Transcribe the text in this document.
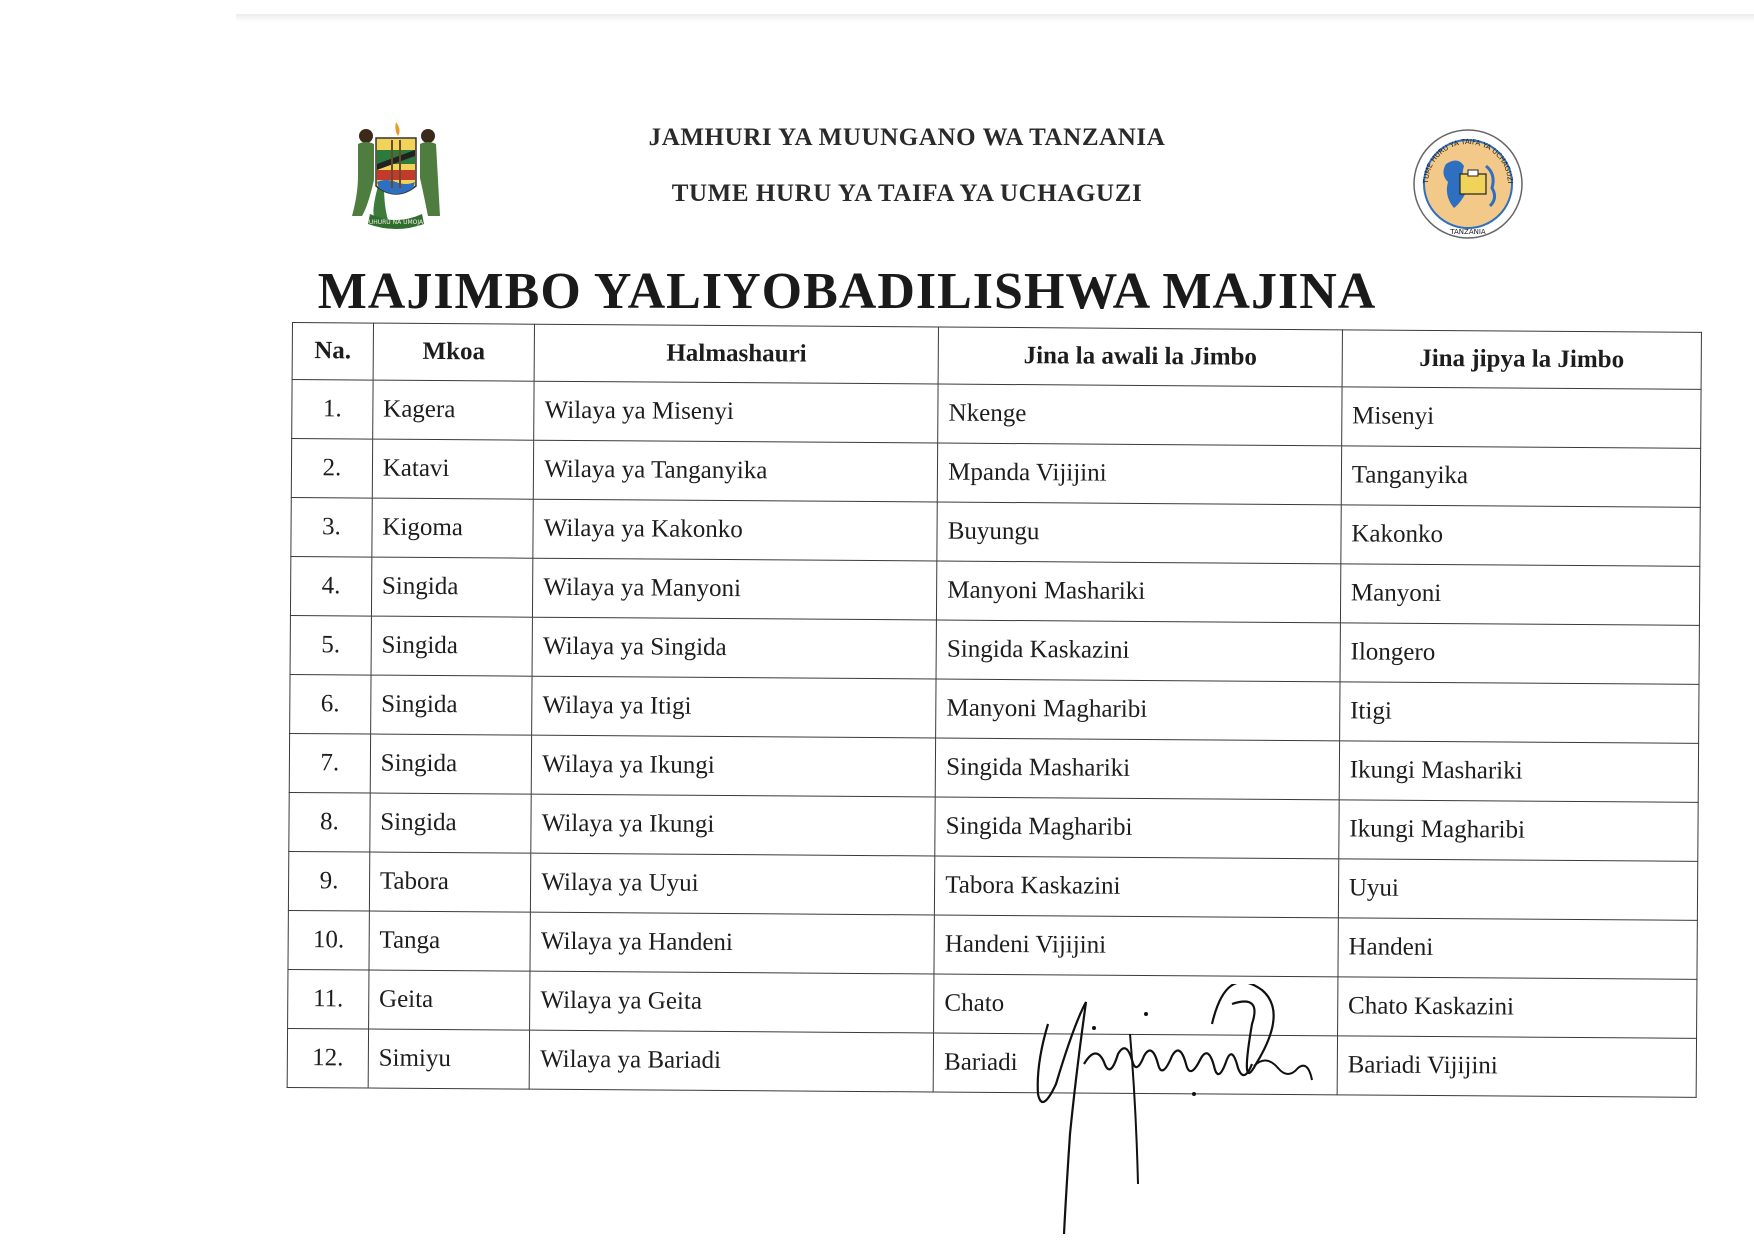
UHURU NA UMOJA
JAMHURI YA MUUNGANO WA TANZANIA
TUME HURU YA TAIFA YA UCHAGUZI	TUME HURU YA TAIFA YA UCHAGUZI
TANZANIA
MAJIMBO YALIYOBADILISHWA MAJINA
Na.	Mkoa	Halmashauri	Jina la awali la Jimbo	Jina jipya la Jimbo
1.	Kagera	Wilaya ya Misenyi	Nkenge	Misenyi
2.	Katavi	Wilaya ya Tanganyika	Mpanda Vijijini	Tanganyika
3.	Kigoma	Wilaya ya Kakonko	Buyungu	Kakonko
4.	Singida	Wilaya ya Manyoni	Manyoni Mashariki	Manyoni
5.	Singida	Wilaya ya Singida	Singida Kaskazini	Ilongero
6.	Singida	Wilaya ya Itigi	Manyoni Magharibi	Itigi
7.	Singida	Wilaya ya Ikungi	Singida Mashariki	Ikungi Mashariki
8.	Singida	Wilaya ya Ikungi	Singida Magharibi	Ikungi Magharibi
9.	Tabora	Wilaya ya Uyui	Tabora Kaskazini	Uyui
10.	Tanga	Wilaya ya Handeni	Handeni Vijijini	Handeni
11.	Geita	Wilaya ya Geita	Chato	Chato Kaskazini
12.	Simiyu	Wilaya ya Bariadi	Bariadi	Bariadi Vijijini
